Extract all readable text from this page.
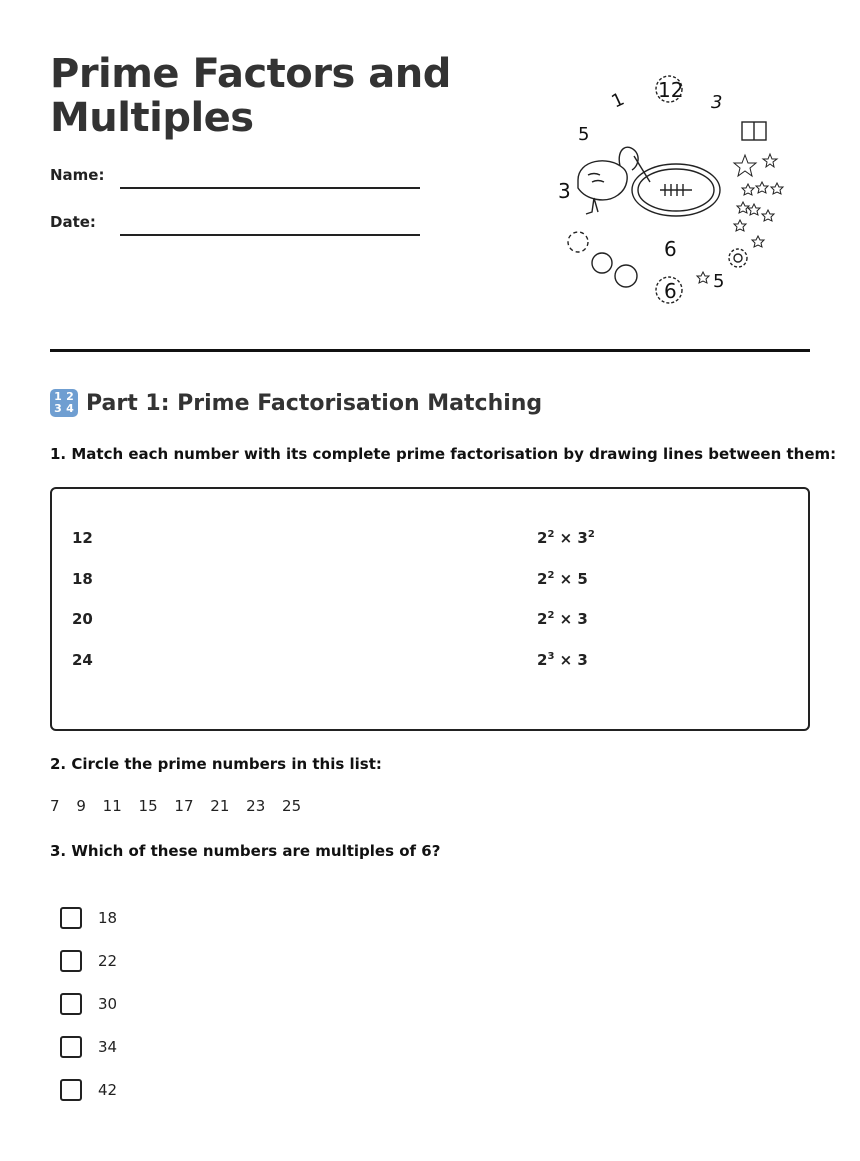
Prime Factors and
Multiples
Name:
Date:
12
3
1
5
3
6
6 5
1 2
3 4 Part 1: Prime Factorisation Matching
1. Match each number with its complete prime factorisation by drawing lines between them:
12
18
20
24
$2^2 \times 3^2$
$2^2 \times 5$
$2^2 \times 3$
$2^3 \times 3$
2. Circle the prime numbers in this list:
7 9 11 15 17 21 23 25
3. Which of these numbers are multiples of 6?
18
22
30
34
42
